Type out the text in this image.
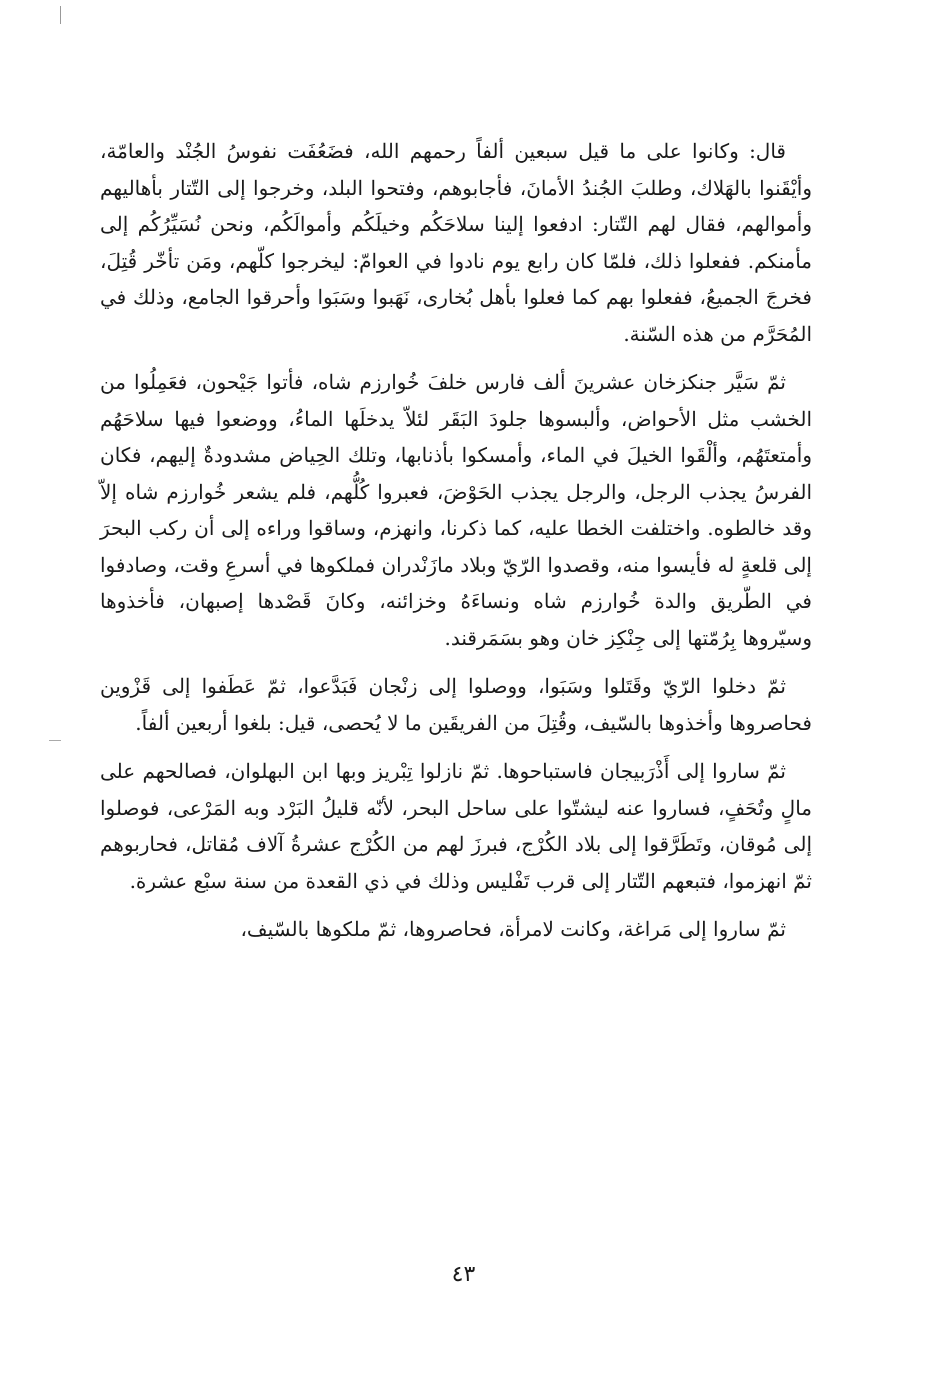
قال: وكانوا على ما قيل سبعين ألفاً رحمهم الله، فضَعُفَت نفوسُ الجُنْد والعامّة، وأيْقَنوا بالهَلاك، وطلبَ الجُندُ الأمانَ، فأجابوهم، وفتحوا البلد، وخرجوا إلى التّتار بأهاليهم وأموالهم، فقال لهم التّتار: ادفعوا إلينا سلاحَكُم وخيلَكُم وأموالَكُم، ونحن نُسَيِّرُكُم إلى مأمنكم. ففعلوا ذلك، فلمّا كان رابع يوم نادوا في العوامّ: ليخرجوا كلّهم، ومَن تأخّر قُتِلَ، فخرجَ الجميعُ، ففعلوا بهم كما فعلوا بأهل بُخارى، نَهَبوا وسَبَوا وأحرقوا الجامع، وذلك في المُحَرَّم من هذه السّنة.

ثمّ سَيَّر جنكزخان عشرينَ ألف فارس خلفَ خُوارزم شاه، فأتوا جَيْحون، فعَمِلُوا من الخشب مثل الأحواض، وألبسوها جلودَ البَقَر لئلاّ يدخلَها الماءُ، ووضعوا فيها سلاحَهُم وأمتعتَهُم، وألْقَوا الخيلَ في الماء، وأمسكوا بأذنابها، وتلك الحِياض مشدودةٌ إليهم، فكان الفرسُ يجذب الرجل، والرجل يجذب الحَوْضَ، فعبروا كُلُّهم، فلم يشعر خُوارزم شاه إلاّ وقد خالطوه. واختلفت الخطا عليه، كما ذكرنا، وانهزم، وساقوا وراءه إلى أن ركب البحرَ إلى قلعةٍ له فأيسوا منه، وقصدوا الرّيّ وبلاد مازَنْدران فملكوها في أسرعِ وقت، وصادفوا في الطّريق والدة خُوارزم شاه ونساءَهُ وخزائنه، وكانَ قَصْدها إصبهان، فأخذوها وسيّروها بِرُمّتها إلى جِنْكِز خان وهو بسَمَرقند.

ثمّ دخلوا الرّيّ وقَتَلوا وسَبَوا، ووصلوا إلى زنْجان فَبَدَّعوا، ثمّ عَطَفوا إلى قَزْوين فحاصروها وأخذوها بالسّيف، وقُتِلَ من الفريقَين ما لا يُحصى، قيل: بلغوا أربعين ألفاً.

ثمّ ساروا إلى أَذْرَبيجان فاستباحوها. ثمّ نازلوا تِبْريز وبها ابن البهلوان، فصالحهم على مالٍ وتُحَفٍ، فساروا عنه ليشتّوا على ساحل البحر، لأنّه قليلُ البَرْد وبه المَرْعى، فوصلوا إلى مُوقان، وتَطَرَّقوا إلى بلاد الكُرْج، فبرزَ لهم من الكُرْج عشرةُ آلاف مُقاتل، فحاربوهم ثمّ انهزموا، فتبعهم التّتار إلى قرب تَفْليس وذلك في ذي القعدة من سنة سبْع عشرة.

ثمّ ساروا إلى مَراغة، وكانت لامرأة، فحاصروها، ثمّ ملكوها بالسّيف،

٤٣
